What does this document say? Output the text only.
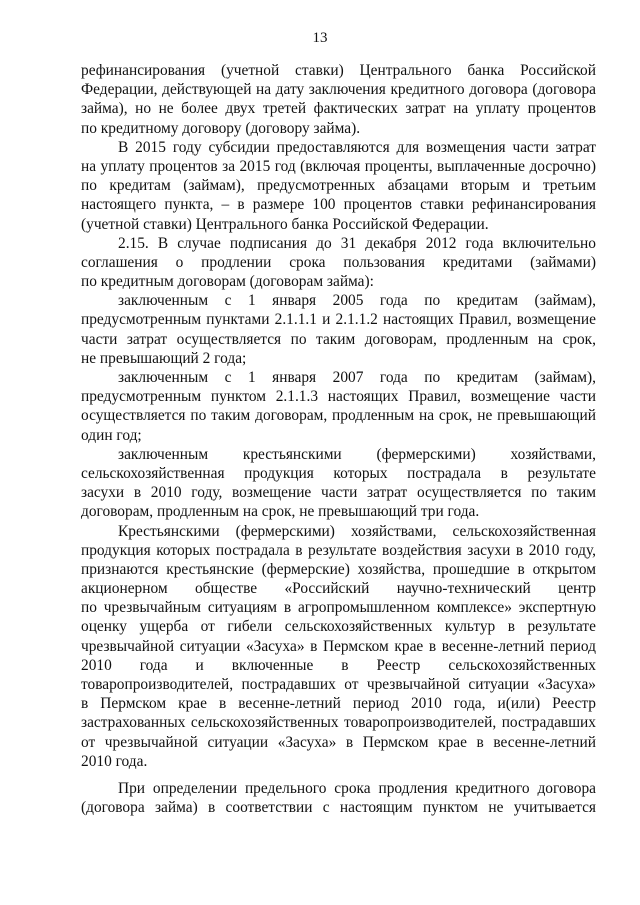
13
рефинансирования (учетной ставки) Центрального банка Российской
Федерации, действующей на дату заключения кредитного договора (договора
займа), но не более двух третей фактических затрат на уплату процентов
по кредитному договору (договору займа).
В 2015 году субсидии предоставляются для возмещения части затрат
на уплату процентов за 2015 год (включая проценты, выплаченные досрочно)
по кредитам (займам), предусмотренных абзацами вторым и третьим
настоящего пункта, – в размере 100 процентов ставки рефинансирования
(учетной ставки) Центрального банка Российской Федерации.
2.15. В случае подписания до 31 декабря 2012 года включительно
соглашения о продлении срока пользования кредитами (займами)
по кредитным договорам (договорам займа):
заключенным с 1 января 2005 года по кредитам (займам),
предусмотренным пунктами 2.1.1.1 и 2.1.1.2 настоящих Правил, возмещение
части затрат осуществляется по таким договорам, продленным на срок,
не превышающий 2 года;
заключенным с 1 января 2007 года по кредитам (займам),
предусмотренным пунктом 2.1.1.3 настоящих Правил, возмещение части
осуществляется по таким договорам, продленным на срок, не превышающий
один год;
заключенным крестьянскими (фермерскими) хозяйствами,
сельскохозяйственная продукция которых пострадала в результате
засухи в 2010 году, возмещение части затрат осуществляется по таким
договорам, продленным на срок, не превышающий три года.
Крестьянскими (фермерскими) хозяйствами, сельскохозяйственная
продукция которых пострадала в результате воздействия засухи в 2010 году,
признаются крестьянские (фермерские) хозяйства, прошедшие в открытом
акционерном обществе «Российский научно-технический центр
по чрезвычайным ситуациям в агропромышленном комплексе» экспертную
оценку ущерба от гибели сельскохозяйственных культур в результате
чрезвычайной ситуации «Засуха» в Пермском крае в весенне-летний период
2010 года и включенные в Реестр сельскохозяйственных
товаропроизводителей, пострадавших от чрезвычайной ситуации «Засуха»
в Пермском крае в весенне-летний период 2010 года, и(или) Реестр
застрахованных сельскохозяйственных товаропроизводителей, пострадавших
от чрезвычайной ситуации «Засуха» в Пермском крае в весенне-летний
2010 года.
При определении предельного срока продления кредитного договора
(договора займа) в соответствии с настоящим пунктом не учитывается
